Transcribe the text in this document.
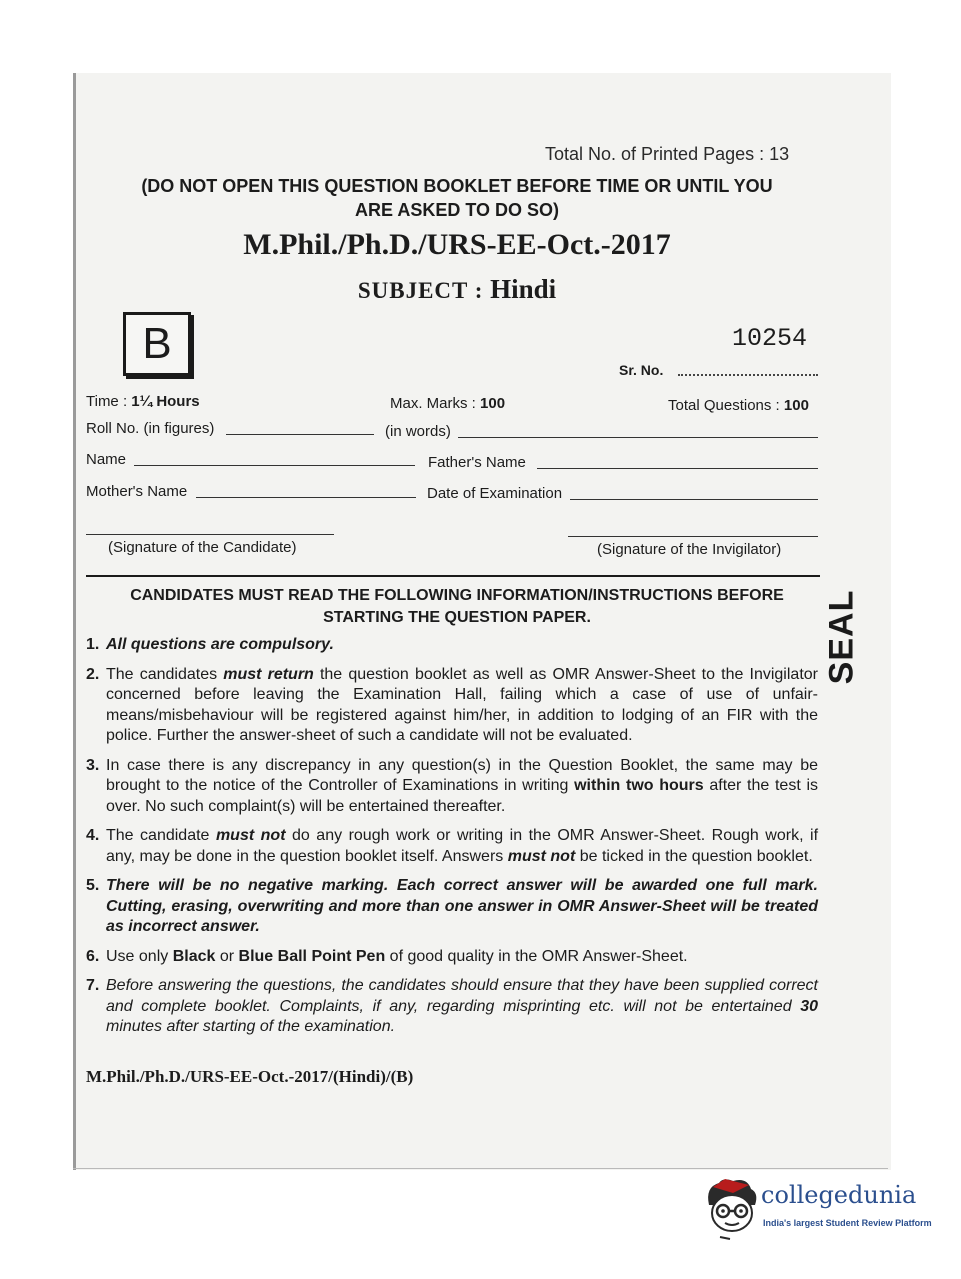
Total No. of Printed Pages : 13
(DO NOT OPEN THIS QUESTION BOOKLET BEFORE TIME OR UNTIL YOU
ARE ASKED TO DO SO)
M.Phil./Ph.D./URS-EE-Oct.-2017
SUBJECT : Hindi
B	10254
Sr. No.
Time : 1¼ Hours	Max. Marks : 100	Total Questions : 100
Roll No. (in figures)	(in words)
Name	Father's Name
Mother's Name	Date of Examination
(Signature of the Candidate)	(Signature of the Invigilator)
CANDIDATES MUST READ THE FOLLOWING INFORMATION/INSTRUCTIONS BEFORE
STARTING THE QUESTION PAPER.	SEAL
1. All questions are compulsory.
2. The candidates must return the question booklet as well as OMR Answer-Sheet to the Invigilator concerned before leaving the Examination Hall, failing which a case of use of unfair-means/misbehaviour will be registered against him/her, in addition to lodging of an FIR with the police. Further the answer-sheet of such a candidate will not be evaluated.
3. In case there is any discrepancy in any question(s) in the Question Booklet, the same may be brought to the notice of the Controller of Examinations in writing within two hours after the test is over. No such complaint(s) will be entertained thereafter.
4. The candidate must not do any rough work or writing in the OMR Answer-Sheet. Rough work, if any, may be done in the question booklet itself. Answers must not be ticked in the question booklet.
5. There will be no negative marking. Each correct answer will be awarded one full mark. Cutting, erasing, overwriting and more than one answer in OMR Answer-Sheet will be treated as incorrect answer.
6. Use only Black or Blue Ball Point Pen of good quality in the OMR Answer-Sheet.
7. Before answering the questions, the candidates should ensure that they have been supplied correct and complete booklet. Complaints, if any, regarding misprinting etc. will not be entertained 30 minutes after starting of the examination.
M.Phil./Ph.D./URS-EE-Oct.-2017/(Hindi)/(B)
collegedunia
India's largest Student Review Platform
